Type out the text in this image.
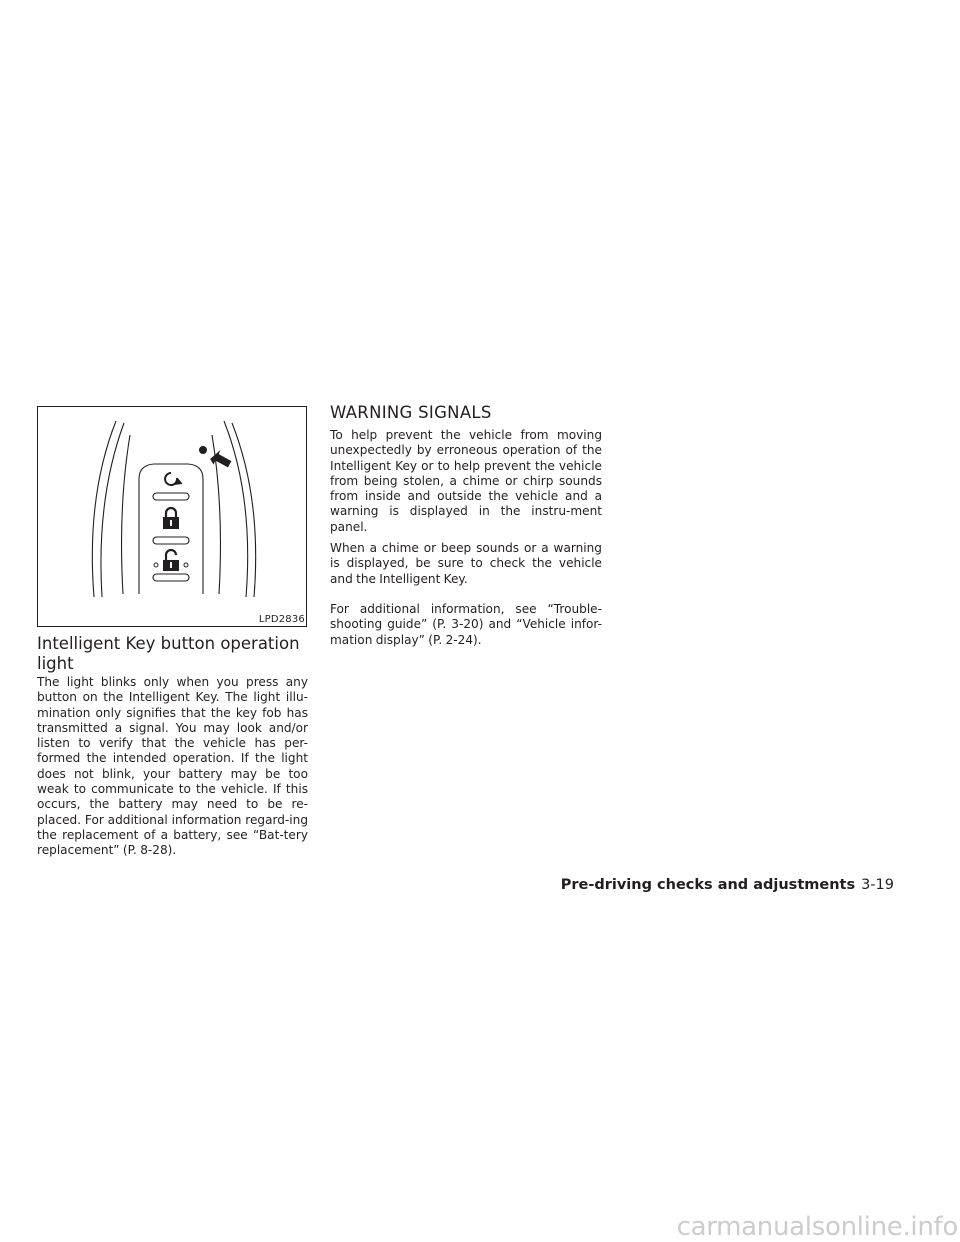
LPD2836
Intelligent Key button operation light

The light blinks only when you press any button on the Intelligent Key. The light illu-mination only signifies that the key fob has transmitted a signal. You may look and/or listen to verify that the vehicle has per-formed the intended operation. If the light does not blink, your battery may be too weak to communicate to the vehicle. If this occurs, the battery may need to be re-placed. For additional information regard-ing the replacement of a battery, see “Bat-tery replacement” (P. 8-28).

WARNING SIGNALS

To help prevent the vehicle from moving unexpectedly by erroneous operation of the Intelligent Key or to help prevent the vehicle from being stolen, a chime or chirp sounds from inside and outside the vehicle and a warning is displayed in the instru-ment panel.

When a chime or beep sounds or a warning is displayed, be sure to check the vehicle and the Intelligent Key.

For additional information, see “Trouble-shooting guide” (P. 3-20) and “Vehicle infor-mation display” (P. 2-24).

Pre-driving checks and adjustments 3-19
carmanualsonline.info
